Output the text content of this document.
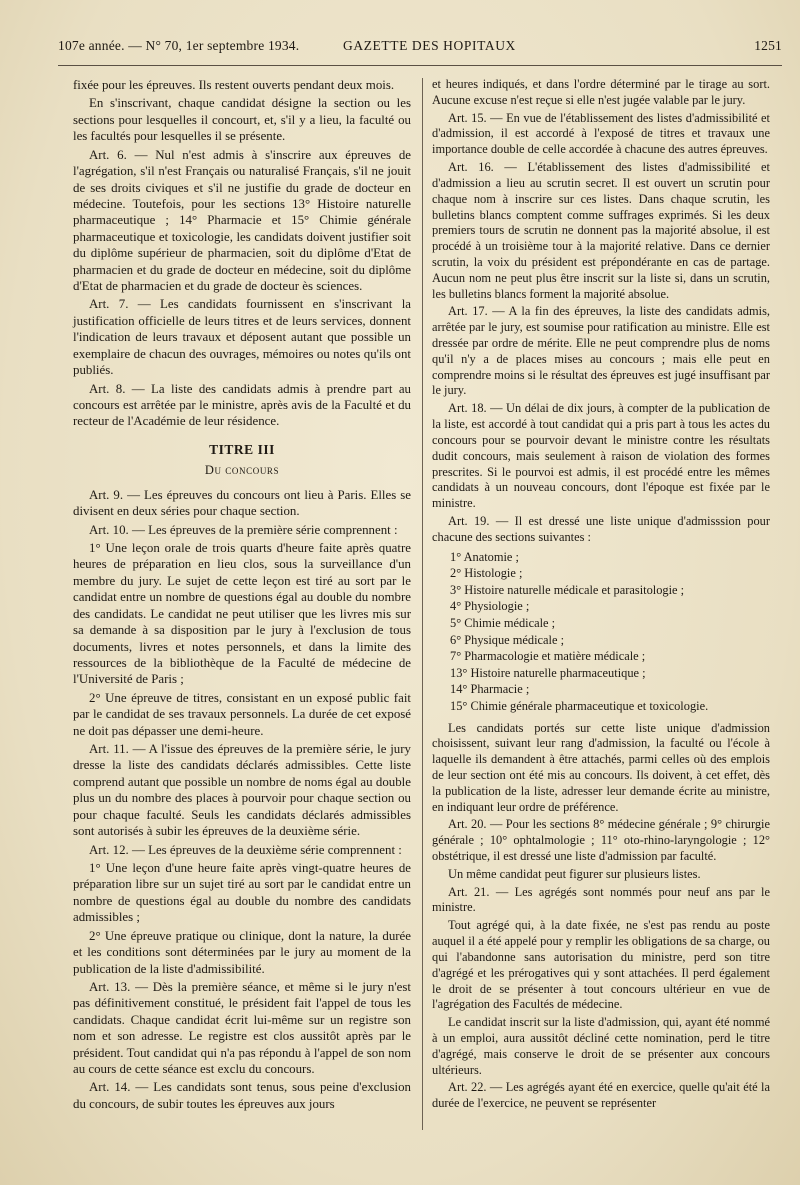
107e année. — N° 70, 1er septembre 1934.	GAZETTE DES HOPITAUX	1251

fixée pour les épreuves. Ils restent ouverts pendant deux mois.

En s'inscrivant, chaque candidat désigne la section ou les sections pour lesquelles il concourt, et, s'il y a lieu, la faculté ou les facultés pour lesquelles il se présente.

Art. 6. — Nul n'est admis à s'inscrire aux épreuves de l'agrégation, s'il n'est Français ou naturalisé Français, s'il ne jouit de ses droits civiques et s'il ne justifie du grade de docteur en médecine. Toutefois, pour les sections 13° Histoire naturelle pharmaceutique ; 14° Pharmacie et 15° Chimie générale pharmaceutique et toxicologie, les candidats doivent justifier soit du diplôme supérieur de pharmacien, soit du diplôme d'Etat de pharmacien et du grade de docteur en médecine, soit du diplôme d'Etat de pharmacien et du grade de docteur ès sciences.

Art. 7. — Les candidats fournissent en s'inscrivant la justification officielle de leurs titres et de leurs services, donnent l'indication de leurs travaux et déposent autant que possible un exemplaire de chacun des ouvrages, mémoires ou notes qu'ils ont publiés.

Art. 8. — La liste des candidats admis à prendre part au concours est arrêtée par le ministre, après avis de la Faculté et du recteur de l'Académie de leur résidence.

TITRE III
Du concours

Art. 9. — Les épreuves du concours ont lieu à Paris. Elles se divisent en deux séries pour chaque section.

Art. 10. — Les épreuves de la première série comprennent :

1° Une leçon orale de trois quarts d'heure faite après quatre heures de préparation en lieu clos, sous la surveillance d'un membre du jury. Le sujet de cette leçon est tiré au sort par le candidat entre un nombre de questions égal au double du nombre des candidats. Le candidat ne peut utiliser que les livres mis sur sa demande à sa disposition par le jury à l'exclusion de tous documents, livres et notes personnels, et dans la limite des ressources de la bibliothèque de la Faculté de médecine de l'Université de Paris ;

2° Une épreuve de titres, consistant en un exposé public fait par le candidat de ses travaux personnels. La durée de cet exposé ne doit pas dépasser une demi-heure.

Art. 11. — A l'issue des épreuves de la première série, le jury dresse la liste des candidats déclarés admissibles. Cette liste comprend autant que possible un nombre de noms égal au double plus un du nombre des places à pourvoir pour chaque section ou pour chaque faculté. Seuls les candidats déclarés admissibles sont autorisés à subir les épreuves de la deuxième série.

Art. 12. — Les épreuves de la deuxième série comprennent :

1° Une leçon d'une heure faite après vingt-quatre heures de préparation libre sur un sujet tiré au sort par le candidat entre un nombre de questions égal au double du nombre des candidats admissibles ;

2° Une épreuve pratique ou clinique, dont la nature, la durée et les conditions sont déterminées par le jury au moment de la publication de la liste d'admissibilité.

Art. 13. — Dès la première séance, et même si le jury n'est pas définitivement constitué, le président fait l'appel de tous les candidats. Chaque candidat écrit lui-même sur un registre son nom et son adresse. Le registre est clos aussitôt après par le président. Tout candidat qui n'a pas répondu à l'appel de son nom au cours de cette séance est exclu du concours.

Art. 14. — Les candidats sont tenus, sous peine d'exclusion du concours, de subir toutes les épreuves aux jours

et heures indiqués, et dans l'ordre déterminé par le tirage au sort. Aucune excuse n'est reçue si elle n'est jugée valable par le jury.

Art. 15. — En vue de l'établissement des listes d'admissibilité et d'admission, il est accordé à l'exposé de titres et travaux une importance double de celle accordée à chacune des autres épreuves.

Art. 16. — L'établissement des listes d'admissibilité et d'admission a lieu au scrutin secret. Il est ouvert un scrutin pour chaque nom à inscrire sur ces listes. Dans chaque scrutin, les bulletins blancs comptent comme suffrages exprimés. Si les deux premiers tours de scrutin ne donnent pas la majorité absolue, il est procédé à un troisième tour à la majorité relative. Dans ce dernier scrutin, la voix du président est prépondérante en cas de partage. Aucun nom ne peut plus être inscrit sur la liste si, dans un scrutin, les bulletins blancs forment la majorité absolue.

Art. 17. — A la fin des épreuves, la liste des candidats admis, arrêtée par le jury, est soumise pour ratification au ministre. Elle est dressée par ordre de mérite. Elle ne peut comprendre plus de noms qu'il n'y a de places mises au concours ; mais elle peut en comprendre moins si le résultat des épreuves est jugé insuffisant par le jury.

Art. 18. — Un délai de dix jours, à compter de la publication de la liste, est accordé à tout candidat qui a pris part à tous les actes du concours pour se pourvoir devant le ministre contre les résultats dudit concours, mais seulement à raison de violation des formes prescrites. Si le pourvoi est admis, il est procédé entre les mêmes candidats à un nouveau concours, dont l'époque est fixée par le ministre.

Art. 19. — Il est dressé une liste unique d'admisssion pour chacune des sections suivantes :

1° Anatomie ;
2° Histologie ;
3° Histoire naturelle médicale et parasitologie ;
4° Physiologie ;
5° Chimie médicale ;
6° Physique médicale ;
7° Pharmacologie et matière médicale ;
13° Histoire naturelle pharmaceutique ;
14° Pharmacie ;
15° Chimie générale pharmaceutique et toxicologie.

Les candidats portés sur cette liste unique d'admission choisissent, suivant leur rang d'admission, la faculté ou l'école à laquelle ils demandent à être attachés, parmi celles où des emplois de leur section ont été mis au concours. Ils doivent, à cet effet, dès la publication de la liste, adresser leur demande écrite au ministre, en indiquant leur ordre de préférence.

Art. 20. — Pour les sections 8° médecine générale ; 9° chirurgie générale ; 10° ophtalmologie ; 11° oto-rhino-laryngologie ; 12° obstétrique, il est dressé une liste d'admission par faculté.

Un même candidat peut figurer sur plusieurs listes.

Art. 21. — Les agrégés sont nommés pour neuf ans par le ministre.

Tout agrégé qui, à la date fixée, ne s'est pas rendu au poste auquel il a été appelé pour y remplir les obligations de sa charge, ou qui l'abandonne sans autorisation du ministre, perd son titre d'agrégé et les prérogatives qui y sont attachées. Il perd également le droit de se présenter à tout concours ultérieur en vue de l'agrégation des Facultés de médecine.

Le candidat inscrit sur la liste d'admission, qui, ayant été nommé à un emploi, aura aussitôt décliné cette nomination, perd le titre d'agrégé, mais conserve le droit de se présenter aux concours ultérieurs.

Art. 22. — Les agrégés ayant été en exercice, quelle qu'ait été la durée de l'exercice, ne peuvent se représenter
